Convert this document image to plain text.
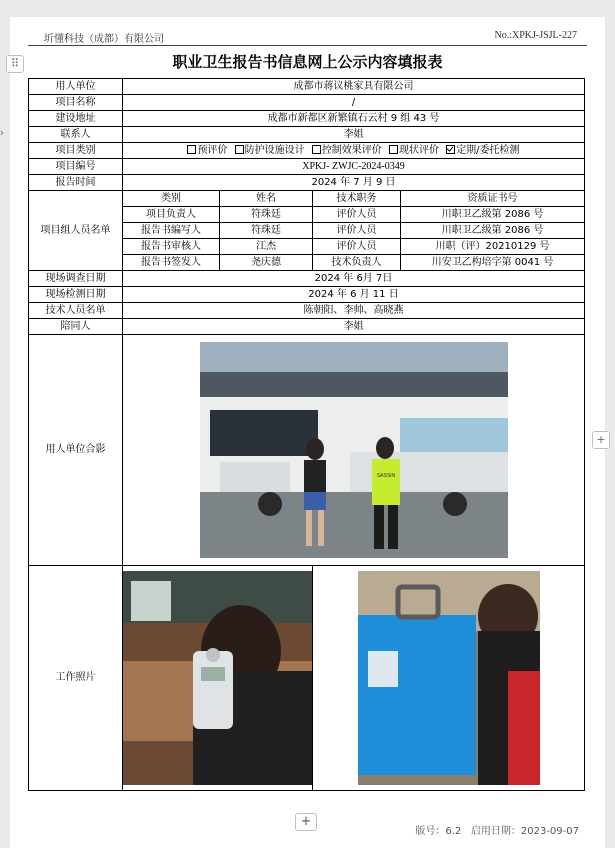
⠿
›
+
圻懂科技（成都）有限公司	No.:XPKJ-JSJL-227
职业卫生报告书信息网上公示内容填报表
用人单位	成都市蒋议桃家具有限公司			
项目名称	/			
建设地址	成都市新都区新繁镇石云村 9 组 43 号			
联系人	李姐			
项目类别	预评价 防护设施设计 控制效果评价 现状评价 定期/委托检测			
项目编号	XPKJ- ZWJC-2024-0349			
报告时间	2024 年 7 月 9 日			
项目组人员名单	类别	姓名	技术职务	资质证书号
	项目负责人	符珠廷	评价人员	川职卫乙级第 2086 号
	报告书编写人	符珠廷	评价人员	川职卫乙级第 2086 号
	报告书审核人	江杰	评价人员	川职（评）20210129 号
	报告书签发人	尧庆德	技术负责人	川安卫乙构培字第 0041 号
现场调查日期	2024 年 6月 7日			
现场检测日期	2024 年 6 月 11 日			
技术人员名单	陈朝阳、李帅、高晓燕			
陪同人	李姐			
用人单位合影	SASSIN			

工作照片	

+
版号：6.2 启用日期：2023-09-07
